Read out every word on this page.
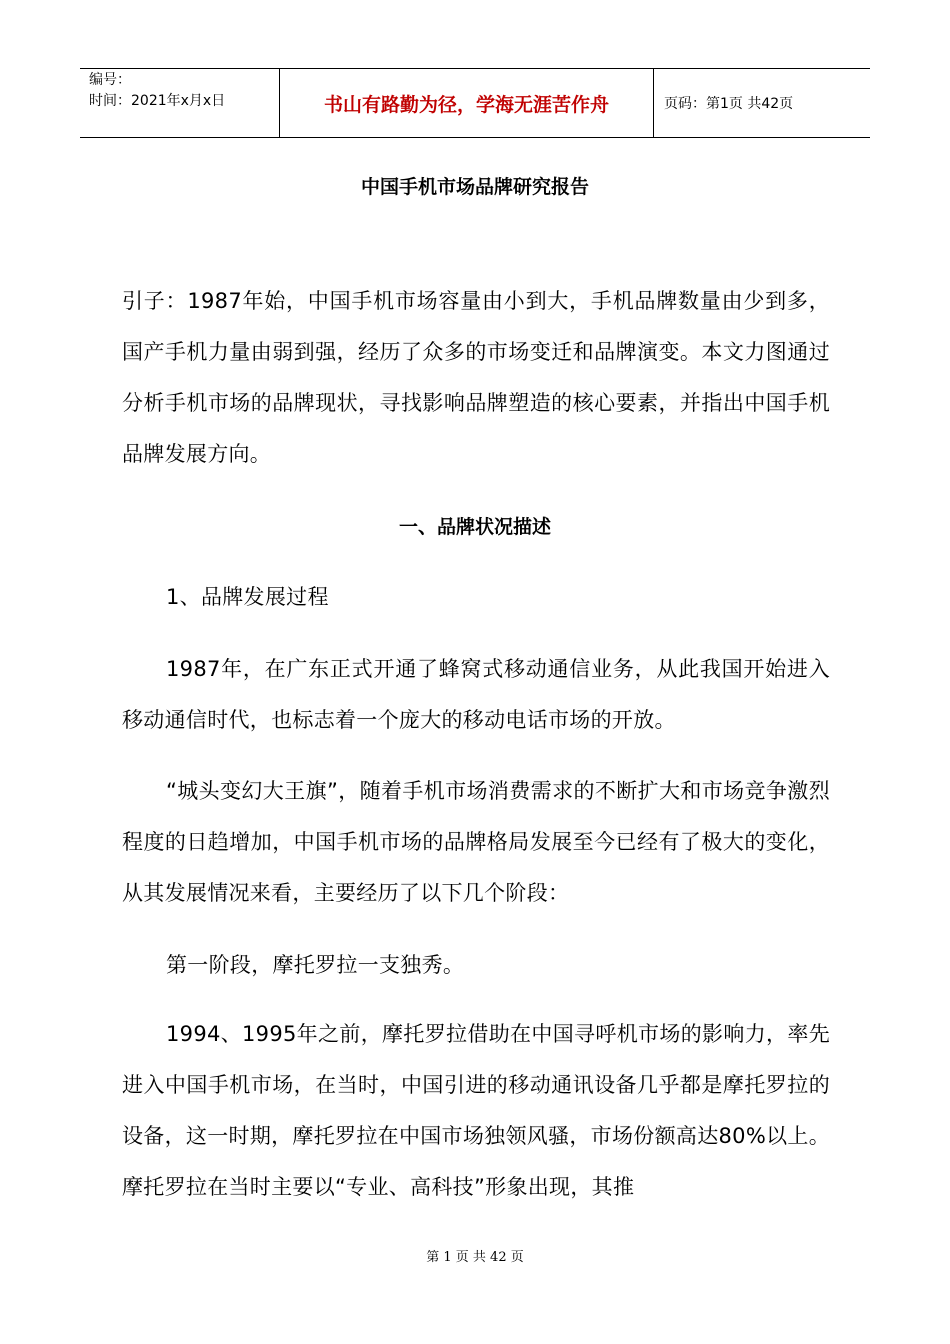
编号：
时间：2021年x月x日	书山有路勤为径，学海无涯苦作舟	页码：第1页 共42页
中国手机市场品牌研究报告
引子：1987年始，中国手机市场容量由小到大，手机品牌数量由少到多，国产手机力量由弱到强，经历了众多的市场变迁和品牌演变。本文力图通过分析手机市场的品牌现状，寻找影响品牌塑造的核心要素，并指出中国手机品牌发展方向。
一、品牌状况描述
1、品牌发展过程
1987年，在广东正式开通了蜂窝式移动通信业务，从此我国开始进入移动通信时代，也标志着一个庞大的移动电话市场的开放。
“城头变幻大王旗”，随着手机市场消费需求的不断扩大和市场竞争激烈程度的日趋增加，中国手机市场的品牌格局发展至今已经有了极大的变化，从其发展情况来看，主要经历了以下几个阶段：
第一阶段，摩托罗拉一支独秀。
1994、1995年之前，摩托罗拉借助在中国寻呼机市场的影响力，率先进入中国手机市场，在当时，中国引进的移动通讯设备几乎都是摩托罗拉的设备，这一时期，摩托罗拉在中国市场独领风骚，市场份额高达80%以上。摩托罗拉在当时主要以“专业、高科技”形象出现，其推
第 1 页 共 42 页
